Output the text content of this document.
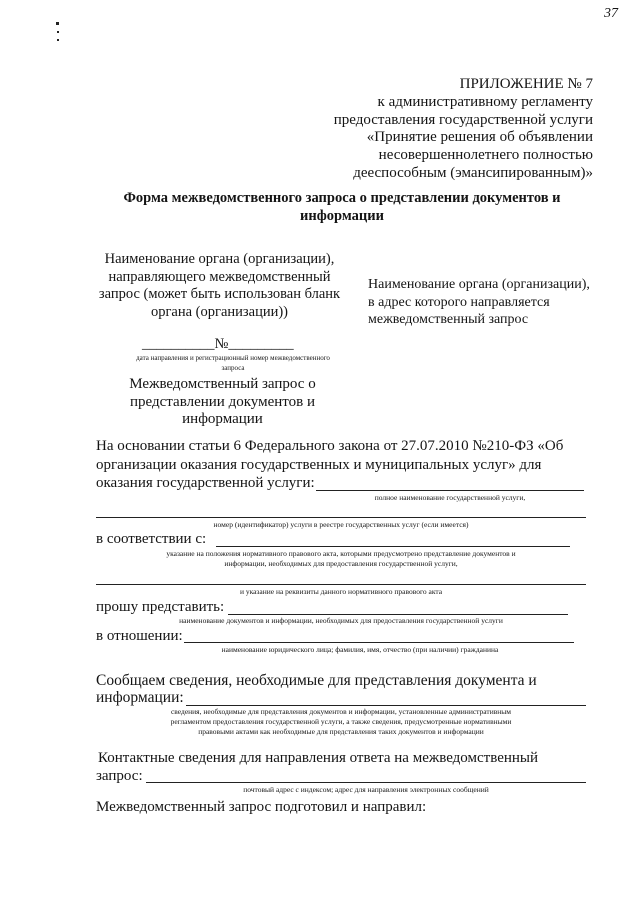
37
ПРИЛОЖЕНИЕ № 7
к административному регламенту
предоставления государственной услуги
«Принятие решения об объявлении
несовершеннолетнего полностью
дееспособным (эмансипированным)»
Форма межведомственного запроса о представлении документов и информации
Наименование органа (организации), направляющего межведомственный запрос (может быть использован бланк органа (организации))
__________№_________
дата направления и регистрационный номер межведомственного запроса
Межведомственный запрос о представлении документов и информации
Наименование органа (организации), в адрес которого направляется межведомственный запрос
На основании статьи 6 Федерального закона от 27.07.2010 №210-ФЗ «Об организации оказания государственных и муниципальных услуг» для оказания государственной услуги:
полное наименование государственной услуги,
номер (идентификатор) услуги в реестре государственных услуг (если имеется)
в соответствии с:
указание на положения нормативного правового акта, которыми предусмотрено представление документов и
информации, необходимых для предоставления государственной услуги,
и указание на реквизиты данного нормативного правового акта
прошу представить:
наименование документов и информации, необходимых для предоставления государственной услуги
в отношении:
наименование юридического лица; фамилия, имя, отчество (при наличии) гражданина
Сообщаем сведения, необходимые для представления документа и
информации:
сведения, необходимые для представления документов и информации, установленные административным
регламентом предоставления государственной услуги, а также сведения, предусмотренные нормативными
правовыми актами как необходимые для представления таких документов и информации
Контактные сведения для направления ответа на межведомственный
запрос:
почтовый адрес с индексом; адрес для направления электронных сообщений
Межведомственный запрос подготовил и направил:
